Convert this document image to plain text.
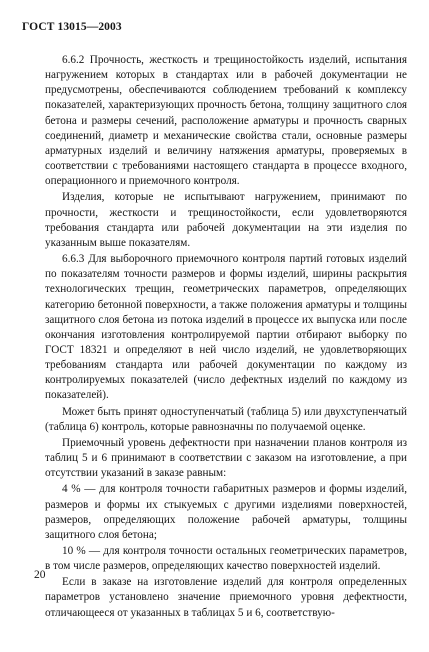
ГОСТ 13015—2003

6.6.2 Прочность, жесткость и трещиностойкость изделий, испытания нагружением которых в стандартах или в рабочей документации не предусмотрены, обеспечиваются соблюдением требований к комплексу показателей, характеризующих прочность бетона, толщину защитного слоя бетона и размеры сечений, расположение арматуры и прочность сварных соединений, диаметр и механические свойства стали, основные размеры арматурных изделий и величину натяжения арматуры, проверяемых в соответствии с требованиями настоящего стандарта в процессе входного, операционного и приемочного контроля.

Изделия, которые не испытывают нагружением, принимают по прочности, жесткости и трещиностойкости, если удовлетворяются требования стандарта или рабочей документации на эти изделия по указанным выше показателям.

6.6.3 Для выборочного приемочного контроля партий готовых изделий по показателям точности размеров и формы изделий, ширины раскрытия технологических трещин, геометрических параметров, определяющих категорию бетонной поверхности, а также положения арматуры и толщины защитного слоя бетона из потока изделий в процессе их выпуска или после окончания изготовления контролируемой партии отбирают выборку по ГОСТ 18321 и определяют в ней число изделий, не удовлетворяющих требованиям стандарта или рабочей документации по каждому из контролируемых показателей (число дефектных изделий по каждому из показателей).

Может быть принят одноступенчатый (таблица 5) или двухступенчатый (таблица 6) контроль, которые равнозначны по получаемой оценке.

Приемочный уровень дефектности при назначении планов контроля из таблиц 5 и 6 принимают в соответствии с заказом на изготовление, а при отсутствии указаний в заказе равным:

4 % — для контроля точности габаритных размеров и формы изделий, размеров и формы их стыкуемых с другими изделиями поверхностей, размеров, определяющих положение рабочей арматуры, толщины защитного слоя бетона;

10 % — для контроля точности остальных геометрических параметров, в том числе размеров, определяющих качество поверхностей изделий.

Если в заказе на изготовление изделий для контроля определенных параметров установлено значение приемочного уровня дефектности, отличающееся от указанных в таблицах 5 и 6, соответствую-

20
